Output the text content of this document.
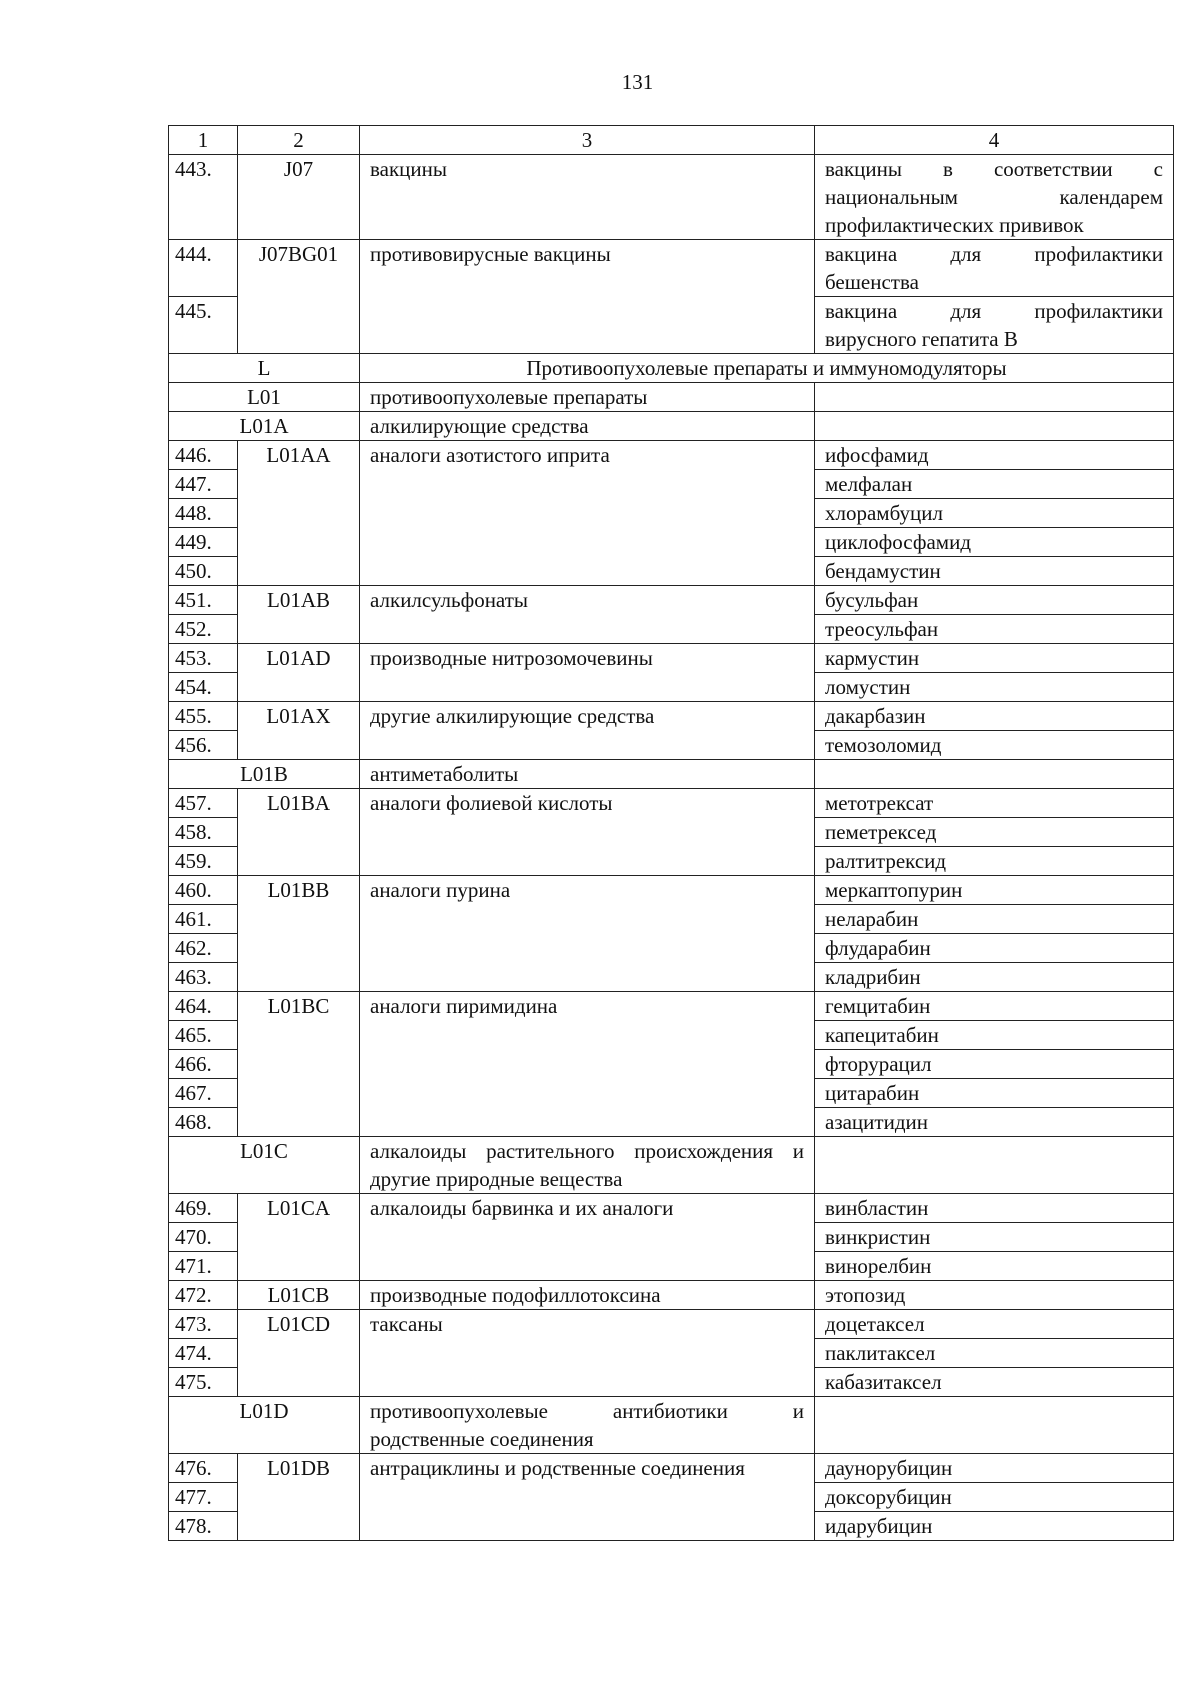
131
1	2	3	4
443.	J07	вакцины	вакцины в соответствии с национальным календарем профилактических прививок
444.	J07BG01	противовирусные вакцины	вакцина для профилактики бешенства
445.			вакцина для профилактики вирусного гепатита В
L		Противоопухолевые препараты и иммуномодуляторы	
L01		противоопухолевые препараты	
L01A		алкилирующие средства	
446.	L01AA	аналоги азотистого иприта	ифосфамид
447.			мелфалан
448.			хлорамбуцил
449.			циклофосфамид
450.			бендамустин
451.	L01AB	алкилсульфонаты	бусульфан
452.			треосульфан
453.	L01AD	производные нитрозомочевины	кармустин
454.			ломустин
455.	L01AX	другие алкилирующие средства	дакарбазин
456.			темозоломид
L01B		антиметаболиты	
457.	L01BA	аналоги фолиевой кислоты	метотрексат
458.			пеметрексед
459.			ралтитрексид
460.	L01BB	аналоги пурина	меркаптопурин
461.			неларабин
462.			флударабин
463.			кладрибин
464.	L01BC	аналоги пиримидина	гемцитабин
465.			капецитабин
466.			фторурацил
467.			цитарабин
468.			азацитидин
L01C		алкалоиды растительного происхождения и другие природные вещества	
469.	L01CA	алкалоиды барвинка и их аналоги	винбластин
470.			винкристин
471.			винорелбин
472.	L01CB	производные подофиллотоксина	этопозид
473.	L01CD	таксаны	доцетаксел
474.			паклитаксел
475.			кабазитаксел
L01D		противоопухолевые антибиотики и родственные соединения	
476.	L01DB	антрациклины и родственные соединения	даунорубицин
477.			доксорубицин
478.			идарубицин
